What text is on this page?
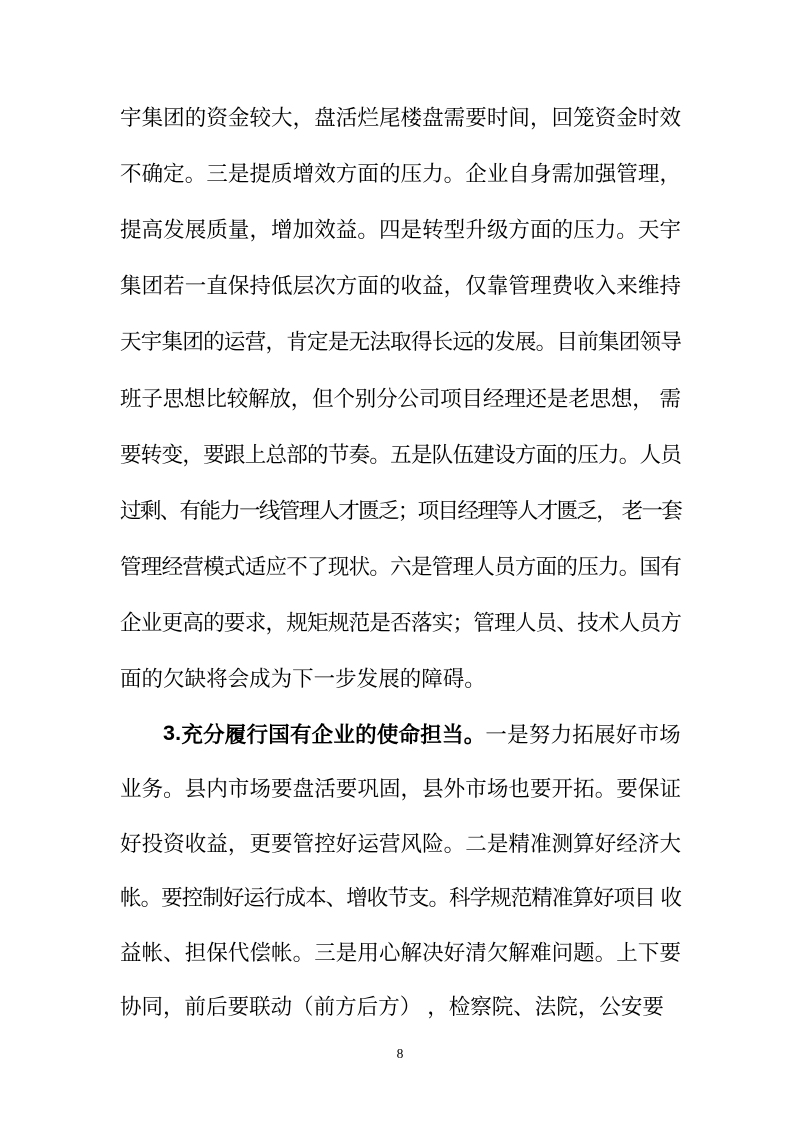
宇 集 团 的 资 金 较 大 ， 盘 活 烂 尾 楼 盘 需 要 时 间 ， 回 笼 资 金 时 效
不 确 定 。 三 是 提 质 增 效 方 面 的 压 力 。 企 业 自 身 需 加 强 管 理 ，
提 高 发 展 质 量 ， 增 加 效 益 。 四 是 转 型 升 级 方 面 的 压 力 。 天 宇
集 团 若 一 直 保 持 低 层 次 方 面 的 收 益 ， 仅 靠 管 理 费 收 入 来 维 持
天 宇 集 团 的 运 营 ， 肯 定 是 无 法 取 得 长 远 的 发 展 。 目 前 集 团 领 导
班 子 思 想 比 较 解 放 ， 但 个 别 分 公 司 项 目 经 理 还 是 老 思 想 ，
需
要 转 变 ， 要 跟 上 总 部 的 节 奏 。 五 是 队 伍 建 设 方 面 的 压 力 。 人 员
过
剩
、
有
能
力
一
线
管
理
人
才
匮
乏
；
项
目
经
理
等
人
才
匮
乏
，
老
一
套
管 理 经 营 模 式 适 应 不 了 现 状 。 六 是 管 理 人 员 方 面 的 压 力 。 国 有
企 业 更 高 的 要 求 ， 规 矩 规 范 是 否 落 实 ； 管 理 人 员 、 技 术 人 员 方
面 的 欠 缺 将 会 成 为 下 一 步 发 展 的 障 碍 。
3 . 充 分 履 行 国 有 企 业 的 使 命 担 当 。 一 是 努 力 拓 展 好 市 场
业 务 。 县 内 市 场 要 盘 活 要 巩 固 ， 县 外 市 场 也 要 开 拓 。 要 保 证
好 投 资 收 益 ， 更 要 管 控 好 运 营 风 险 。 二 是 精 准 测 算 好 经 济 大
帐 。 要 控 制 好 运 行 成 本 、 增 收 节 支 。 科 学 规 范 精 准 算 好 项 目
收
益 帐 、 担 保 代 偿 帐 。 三 是 用 心 解 决 好 清 欠 解 难 问 题 。 上 下 要
协 同 ， 前 后 要 联 动 （ 前 方 后 方 ）
， 检 察 院 、 法 院 ， 公 安 要
8
